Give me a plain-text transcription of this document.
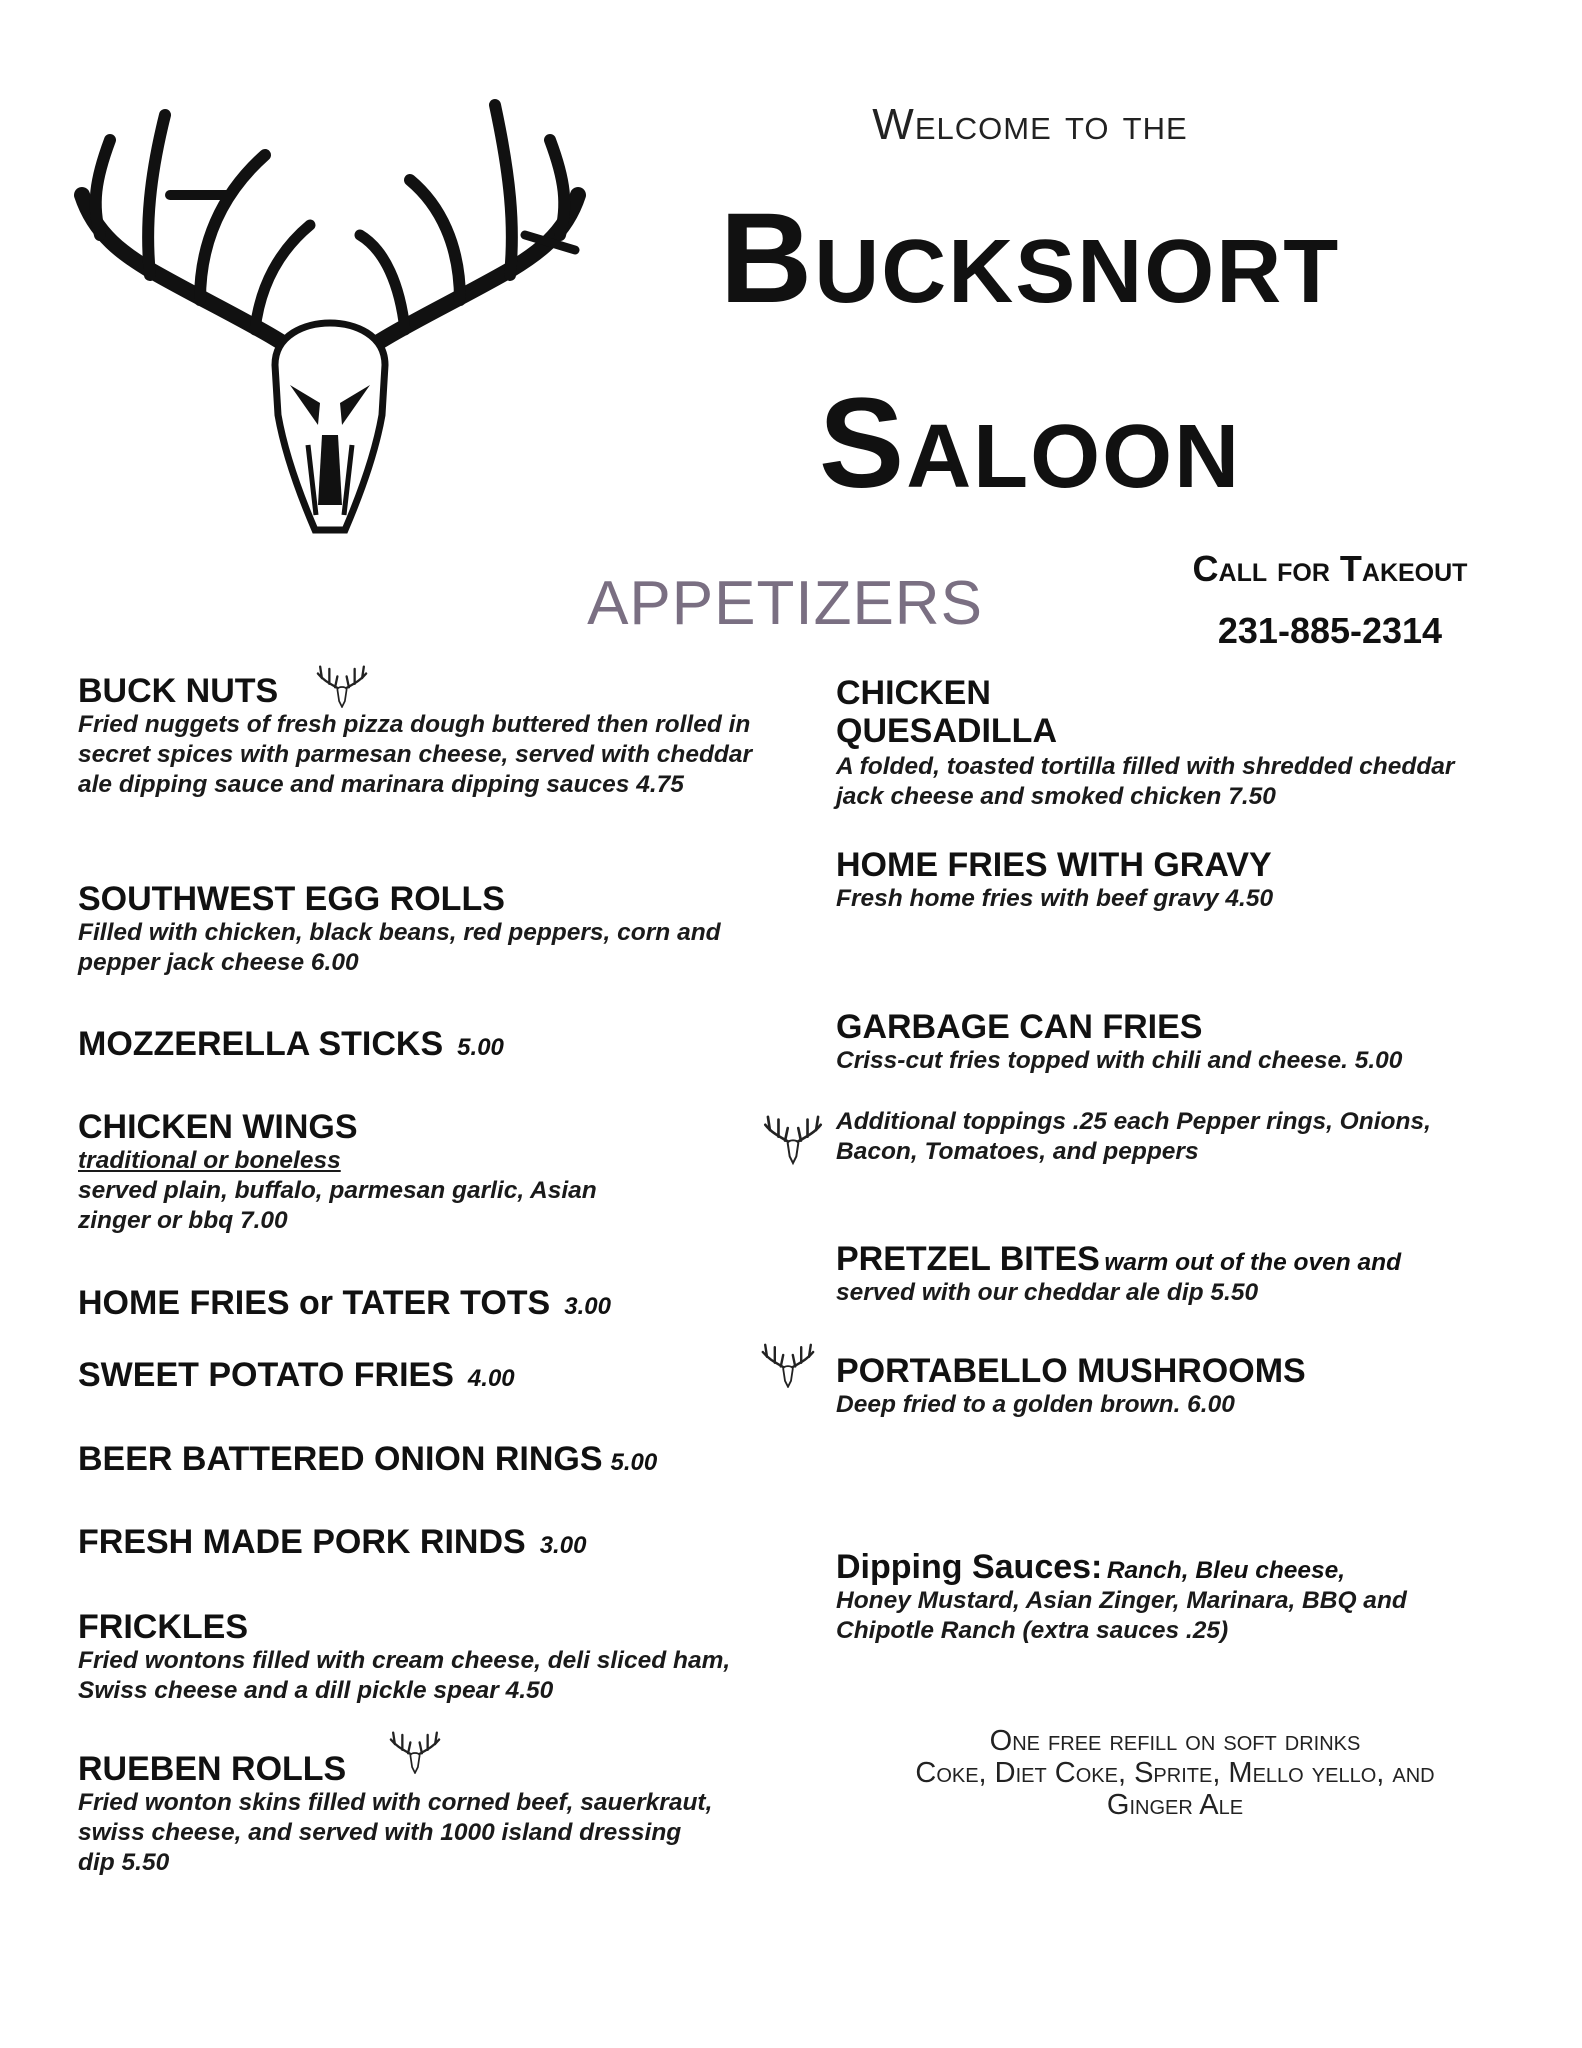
Welcome to the
Bucksnort
Saloon
APPETIZERS
Call for Takeout
231-885-2314
BUCK NUTS
Fried nuggets of fresh pizza dough buttered then rolled in secret spices with parmesan cheese, served with cheddar ale dipping sauce and marinara dipping sauces 4.75
SOUTHWEST EGG ROLLS
Filled with chicken, black beans, red peppers, corn and pepper jack cheese 6.00
MOZZERELLA STICKS 5.00
CHICKEN WINGS
traditional or boneless
served plain, buffalo, parmesan garlic, Asian zinger or bbq 7.00
HOME FRIES or TATER TOTS 3.00
SWEET POTATO FRIES 4.00
BEER BATTERED ONION RINGS 5.00
FRESH MADE PORK RINDS 3.00
FRICKLES
Fried wontons filled with cream cheese, deli sliced ham, Swiss cheese and a dill pickle spear 4.50
RUEBEN ROLLS
Fried wonton skins filled with corned beef, sauerkraut, swiss cheese, and served with 1000 island dressing dip 5.50
CHICKEN QUESADILLA
A folded, toasted tortilla filled with shredded cheddar jack cheese and smoked chicken 7.50
HOME FRIES WITH GRAVY
Fresh home fries with beef gravy 4.50
GARBAGE CAN FRIES
Criss-cut fries topped with chili and cheese. 5.00
Additional toppings .25 each Pepper rings, Onions, Bacon, Tomatoes, and peppers
PRETZEL BITES warm out of the oven and
served with our cheddar ale dip 5.50
PORTABELLO MUSHROOMS
Deep fried to a golden brown. 6.00
Dipping Sauces: Ranch, Bleu cheese,
Honey Mustard, Asian Zinger, Marinara, BBQ and Chipotle Ranch (extra sauces .25)
One free refill on soft drinks
Coke, Diet Coke, Sprite, Mello yello, and
Ginger Ale
